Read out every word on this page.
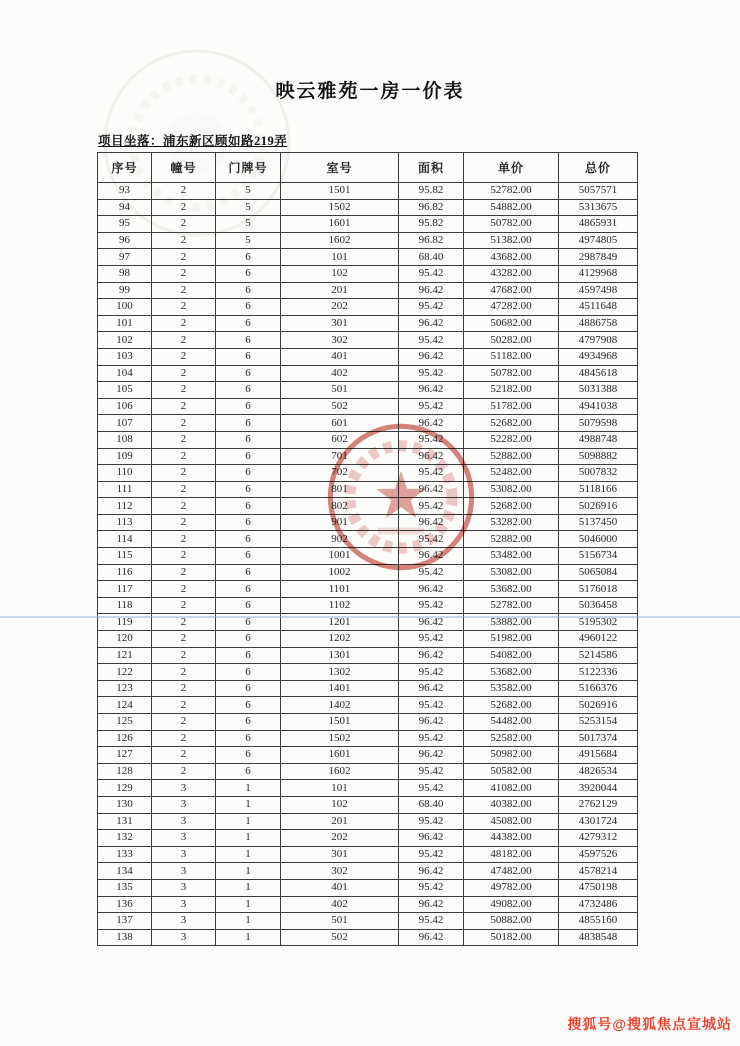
映云雅苑一房一价表
项目坐落：浦东新区顾如路219弄
序号	幢号	门牌号	室号	面积	单价	总价
93	2	5	1501	95.82	52782.00	5057571
94	2	5	1502	96.82	54882.00	5313675
95	2	5	1601	95.82	50782.00	4865931
96	2	5	1602	96.82	51382.00	4974805
97	2	6	101	68.40	43682.00	2987849
98	2	6	102	95.42	43282.00	4129968
99	2	6	201	96.42	47682.00	4597498
100	2	6	202	95.42	47282.00	4511648
101	2	6	301	96.42	50682.00	4886758
102	2	6	302	95.42	50282.00	4797908
103	2	6	401	96.42	51182.00	4934968
104	2	6	402	95.42	50782.00	4845618
105	2	6	501	96.42	52182.00	5031388
106	2	6	502	95.42	51782.00	4941038
107	2	6	601	96.42	52682.00	5079598
108	2	6	602	95.42	52282.00	4988748
109	2	6	701	96.42	52882.00	5098882
110	2	6	702	95.42	52482.00	5007832
111	2	6	801	96.42	53082.00	5118166
112	2	6	802	95.42	52682.00	5026916
113	2	6	901	96.42	53282.00	5137450
114	2	6	902	95.42	52882.00	5046000
115	2	6	1001	96.42	53482.00	5156734
116	2	6	1002	95.42	53082.00	5065084
117	2	6	1101	96.42	53682.00	5176018
118	2	6	1102	95.42	52782.00	5036458
119	2	6	1201	96.42	53882.00	5195302
120	2	6	1202	95.42	51982.00	4960122
121	2	6	1301	96.42	54082.00	5214586
122	2	6	1302	95.42	53682.00	5122336
123	2	6	1401	96.42	53582.00	5166376
124	2	6	1402	95.42	52682.00	5026916
125	2	6	1501	96.42	54482.00	5253154
126	2	6	1502	95.42	52582.00	5017374
127	2	6	1601	96.42	50982.00	4915684
128	2	6	1602	95.42	50582.00	4826534
129	3	1	101	95.42	41082.00	3920044
130	3	1	102	68.40	40382.00	2762129
131	3	1	201	95.42	45082.00	4301724
132	3	1	202	96.42	44382.00	4279312
133	3	1	301	95.42	48182.00	4597526
134	3	1	302	96.42	47482.00	4578214
135	3	1	401	95.42	49782.00	4750198
136	3	1	402	96.42	49082.00	4732486
137	3	1	501	95.42	50882.00	4855160
138	3	1	502	96.42	50182.00	4838548
搜狐号@搜狐焦点宣城站
